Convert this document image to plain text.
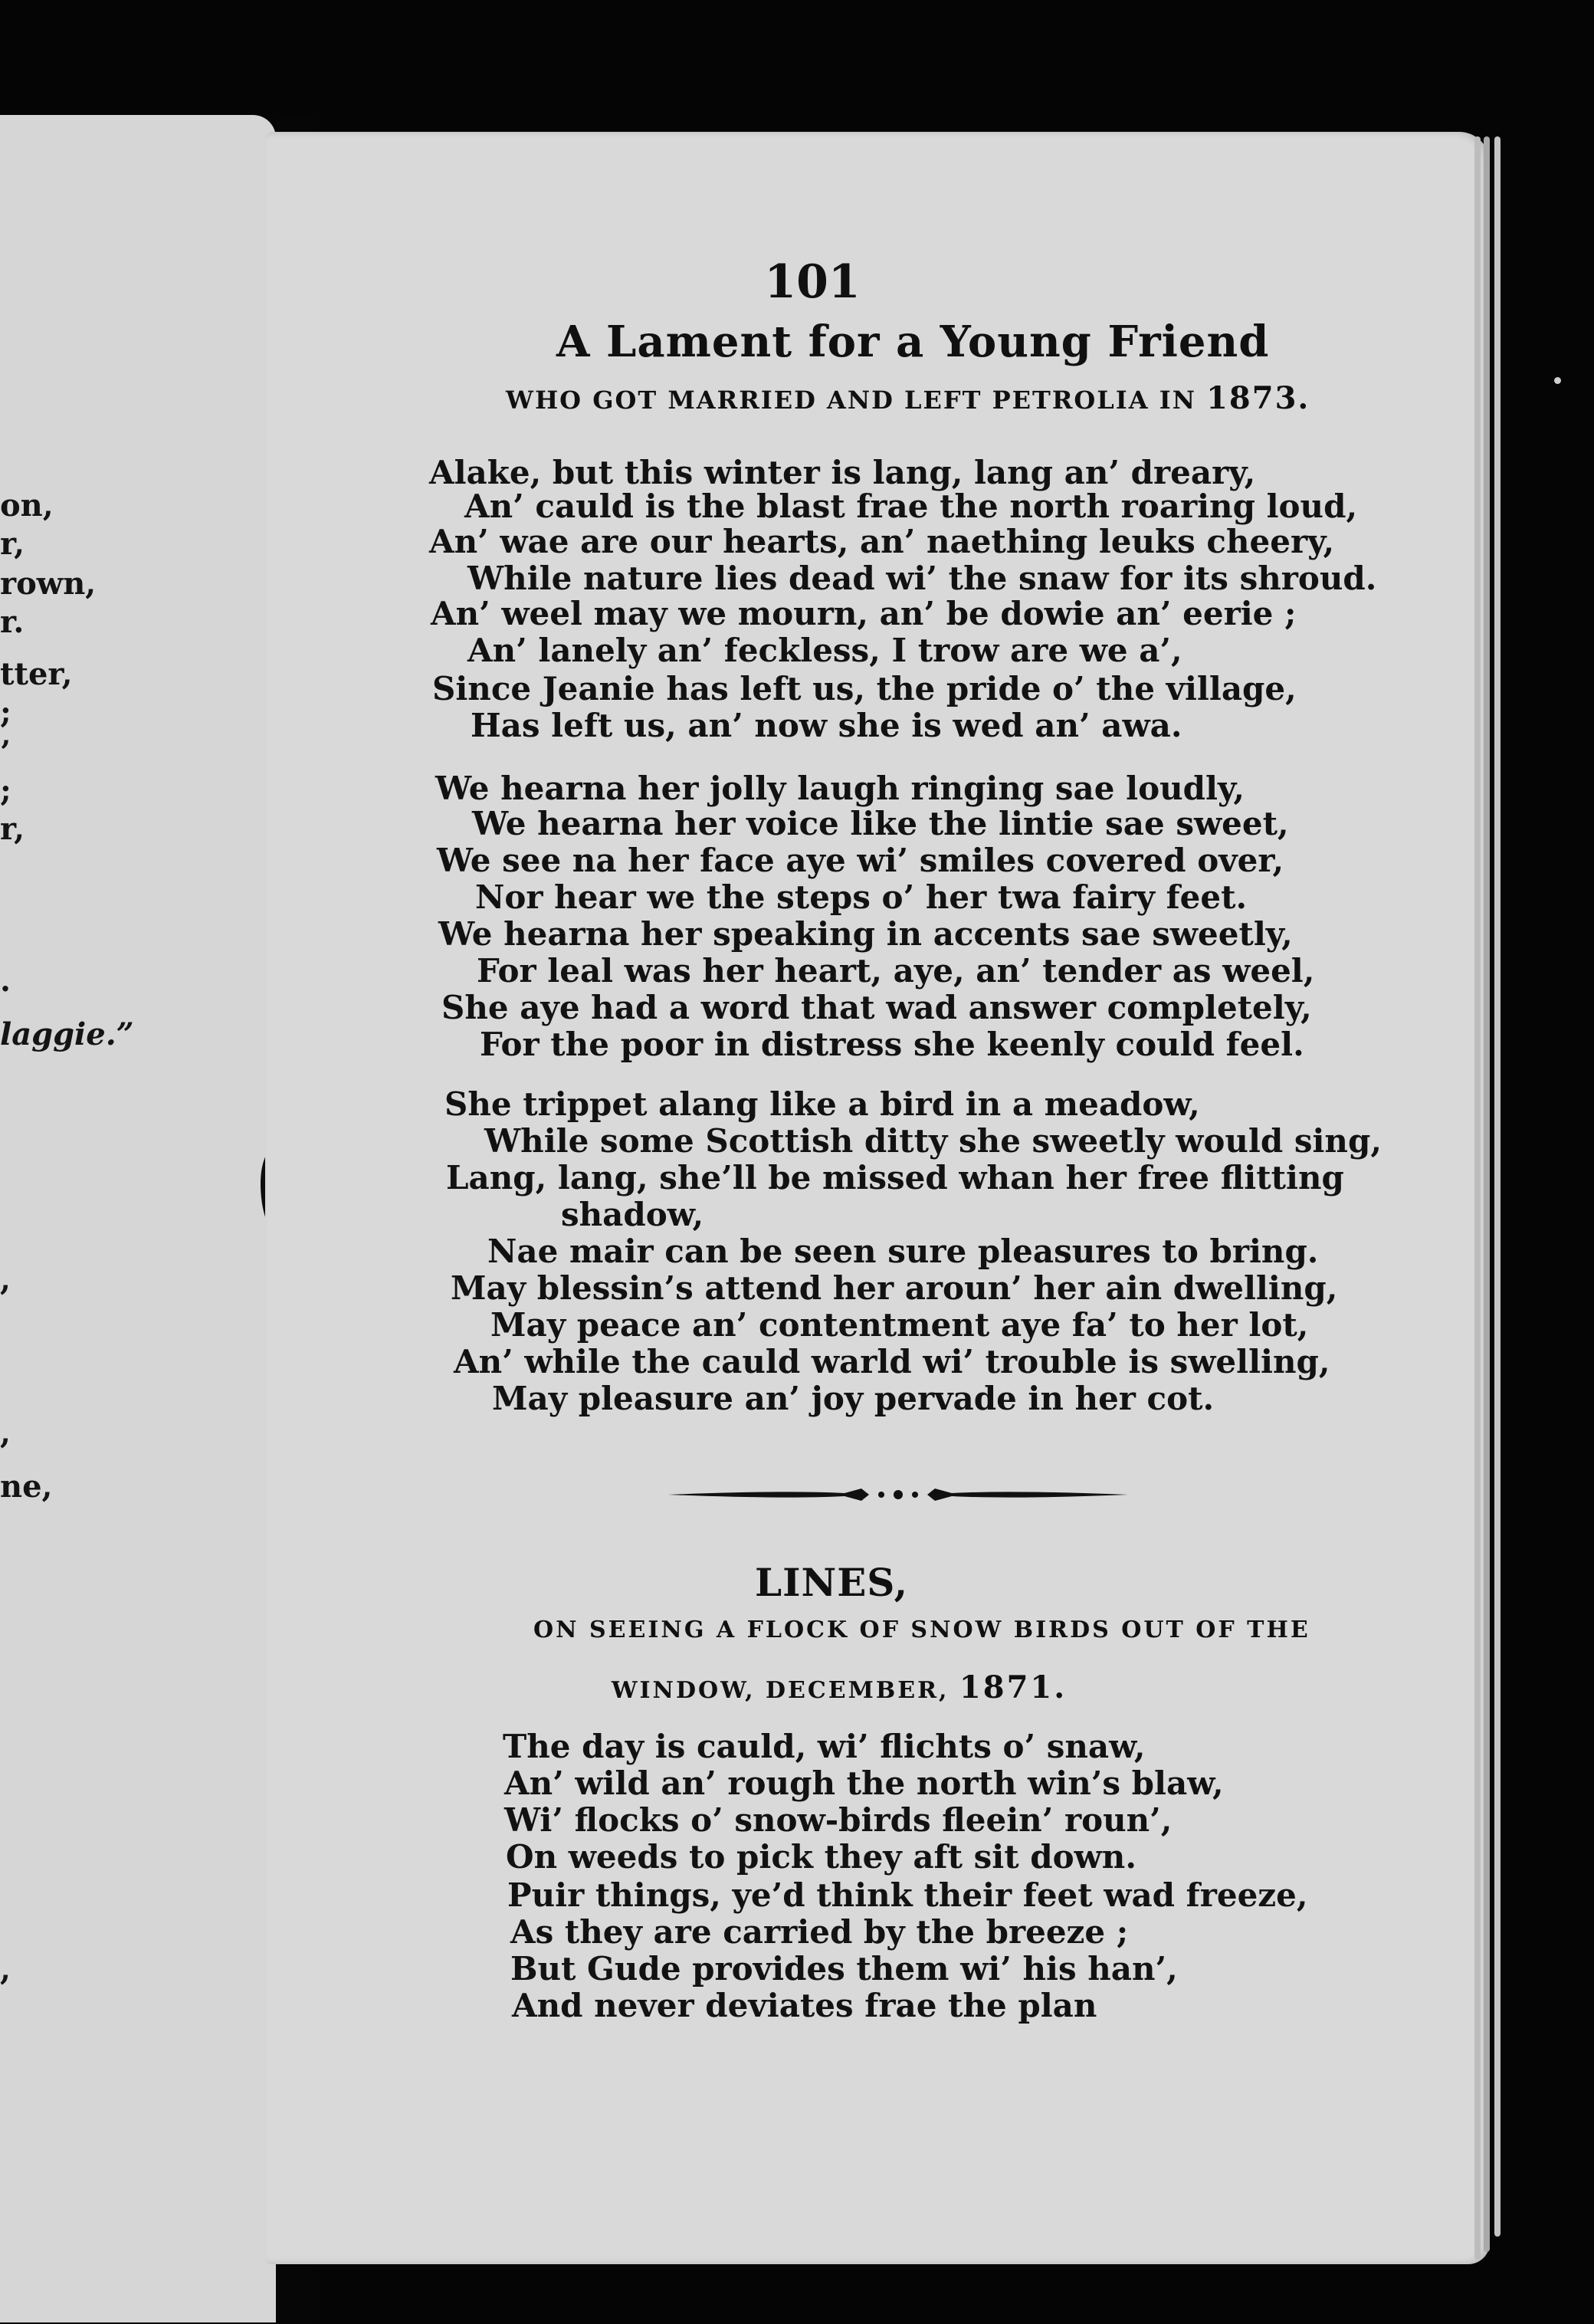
on,
r,
rown,
r.
tter,
;
’
;
r,
.
laggie.”
,
,
ne,
,
101
A Lament for a Young Friend
WHO GOT MARRIED AND LEFT PETROLIA IN 1873.
Alake, but this winter is lang, lang an’ dreary,
An’ cauld is the blast frae the north roaring loud,
An’ wae are our hearts, an’ naething leuks cheery,
While nature lies dead wi’ the snaw for its shroud.
An’ weel may we mourn, an’ be dowie an’ eerie ;
An’ lanely an’ feckless, I trow are we a’,
Since Jeanie has left us, the pride o’ the village,
Has left us, an’ now she is wed an’ awa.
We hearna her jolly laugh ringing sae loudly,
We hearna her voice like the lintie sae sweet,
We see na her face aye wi’ smiles covered over,
Nor hear we the steps o’ her twa fairy feet.
We hearna her speaking in accents sae sweetly,
For leal was her heart, aye, an’ tender as weel,
She aye had a word that wad answer completely,
For the poor in distress she keenly could feel.
She trippet alang like a bird in a meadow,
While some Scottish ditty she sweetly would sing,
Lang, lang, she’ll be missed whan her free flitting
shadow,
Nae mair can be seen sure pleasures to bring.
May blessin’s attend her aroun’ her ain dwelling,
May peace an’ contentment aye fa’ to her lot,
An’ while the cauld warld wi’ trouble is swelling,
May pleasure an’ joy pervade in her cot.
LINES,
ON SEEING A FLOCK OF SNOW BIRDS OUT OF THE
WINDOW, DECEMBER, 1871.
The day is cauld, wi’ flichts o’ snaw,
An’ wild an’ rough the north win’s blaw,
Wi’ flocks o’ snow-birds fleein’ roun’,
On weeds to pick they aft sit down.
Puir things, ye’d think their feet wad freeze,
As they are carried by the breeze ;
But Gude provides them wi’ his han’,
And never deviates frae the plan
